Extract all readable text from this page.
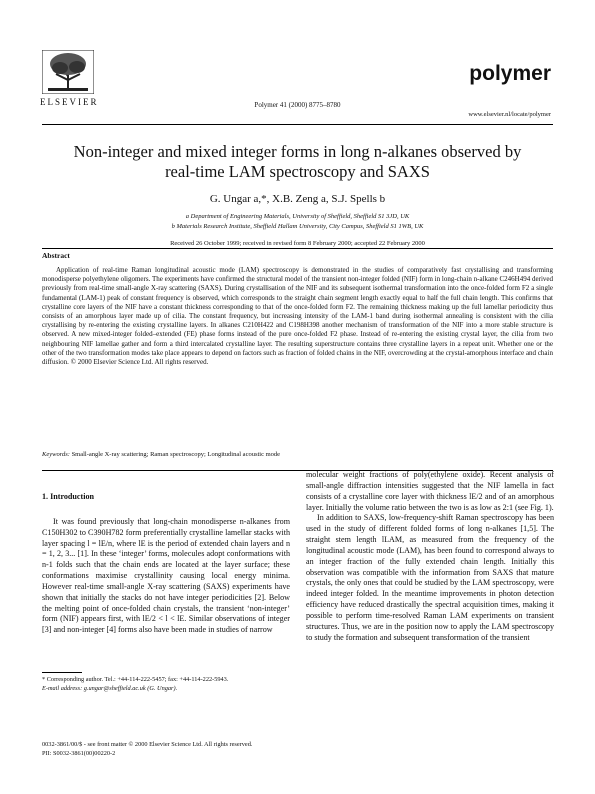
ELSEVIER	Polymer 41 (2000) 8775–8780
polymer
www.elsevier.nl/locate/polymer
Non-integer and mixed integer forms in long n-alkanes observed by
real-time LAM spectroscopy and SAXS
G. Ungar a,*, X.B. Zeng a, S.J. Spells b
a Department of Engineering Materials, University of Sheffield, Sheffield S1 3JD, UK
b Materials Research Institute, Sheffield Hallam University, City Campus, Sheffield S1 1WB, UK
Received 26 October 1999; received in revised form 8 February 2000; accepted 22 February 2000
Abstract
Application of real-time Raman longitudinal acoustic mode (LAM) spectroscopy is demonstrated in the studies of comparatively fast crystallising and transforming monodisperse polyethylene oligomers. The experiments have confirmed the structural model of the transient non-integer folded (NIF) form in long-chain n-alkane C246H494 derived previously from real-time small-angle X-ray scattering (SAXS). During crystallisation of the NIF and its subsequent isothermal transformation into the once-folded form F2 a single fundamental (LAM-1) peak of constant frequency is observed, which corresponds to the straight chain segment length exactly equal to half the full chain length. This confirms that crystalline core layers of the NIF have a constant thickness corresponding to that of the once-folded form F2. The remaining thickness making up the full lamellar periodicity thus consists of an amorphous layer made up of cilia. The constant frequency, but increasing intensity of the LAM-1 band during isothermal annealing is consistent with the cilia crystallising by re-entering the existing crystalline layers. In alkanes C210H422 and C198H398 another mechanism of transformation of the NIF into a more stable structure is observed. A new mixed-integer folded–extended (FE) phase forms instead of the pure once-folded F2 phase. Instead of re-entering the existing crystal layer, the cilia from two neighbouring NIF lamellae gather and form a third intercalated crystalline layer. The resulting superstructure contains three crystalline layers in a repeat unit. Whether one or the other of the two transformation modes take place appears to depend on factors such as fraction of folded chains in the NIF, overcrowding at the crystal-amorphous interface and chain diffusion. © 2000 Elsevier Science Ltd. All rights reserved.
Keywords: Small-angle X-ray scattering; Raman spectroscopy; Longitudinal acoustic mode
1. Introduction

It was found previously that long-chain monodisperse n-alkanes from C150H302 to C390H782 form preferentially crystalline lamellar stacks with layer spacing l = lE/n, where lE is the period of extended chain layers and n = 1, 2, 3... [1]. In these ‘integer’ forms, molecules adopt conformations with n-1 folds such that the chain ends are located at the layer surface; these conformations maximise crystallinity causing local energy minima. However real-time small-angle X-ray scattering (SAXS) experiments have shown that initially the stacks do not have integer periodicities [2]. Below the melting point of once-folded chain crystals, the transient ‘non-integer’ form (NIF) appears first, with lE/2 < l < lE. Similar observations of integer [3] and non-integer [4] forms also have been made in studies of narrow

molecular weight fractions of poly(ethylene oxide). Recent analysis of small-angle diffraction intensities suggested that the NIF lamella in fact consists of a crystalline core layer with thickness lE/2 and of an amorphous layer. Initially the volume ratio between the two is as low as 2:1 (see Fig. 1).

In addition to SAXS, low-frequency-shift Raman spectroscopy has been used in the study of different folded forms of long n-alkanes [1,5]. The straight stem length lLAM, as measured from the frequency of the longitudinal acoustic mode (LAM), has been found to correspond always to an integer fraction of the fully extended chain length. Initially this observation was compatible with the information from SAXS that mature crystals, the only ones that could be studied by the LAM spectroscopy, were indeed integer folded. In the meantime improvements in photon detection efficiency have reduced drastically the spectral acquisition times, making it possible to perform time-resolved Raman LAM experiments on transient structures. Thus, we are in the position now to apply the LAM spectroscopy to study the formation and subsequent transformation of the transient

* Corresponding author. Tel.: +44-114-222-5457; fax: +44-114-222-5943.
E-mail address: g.ungar@sheffield.ac.uk (G. Ungar).
0032-3861/00/$ - see front matter © 2000 Elsevier Science Ltd. All rights reserved.
PII: S0032-3861(00)00220-2
